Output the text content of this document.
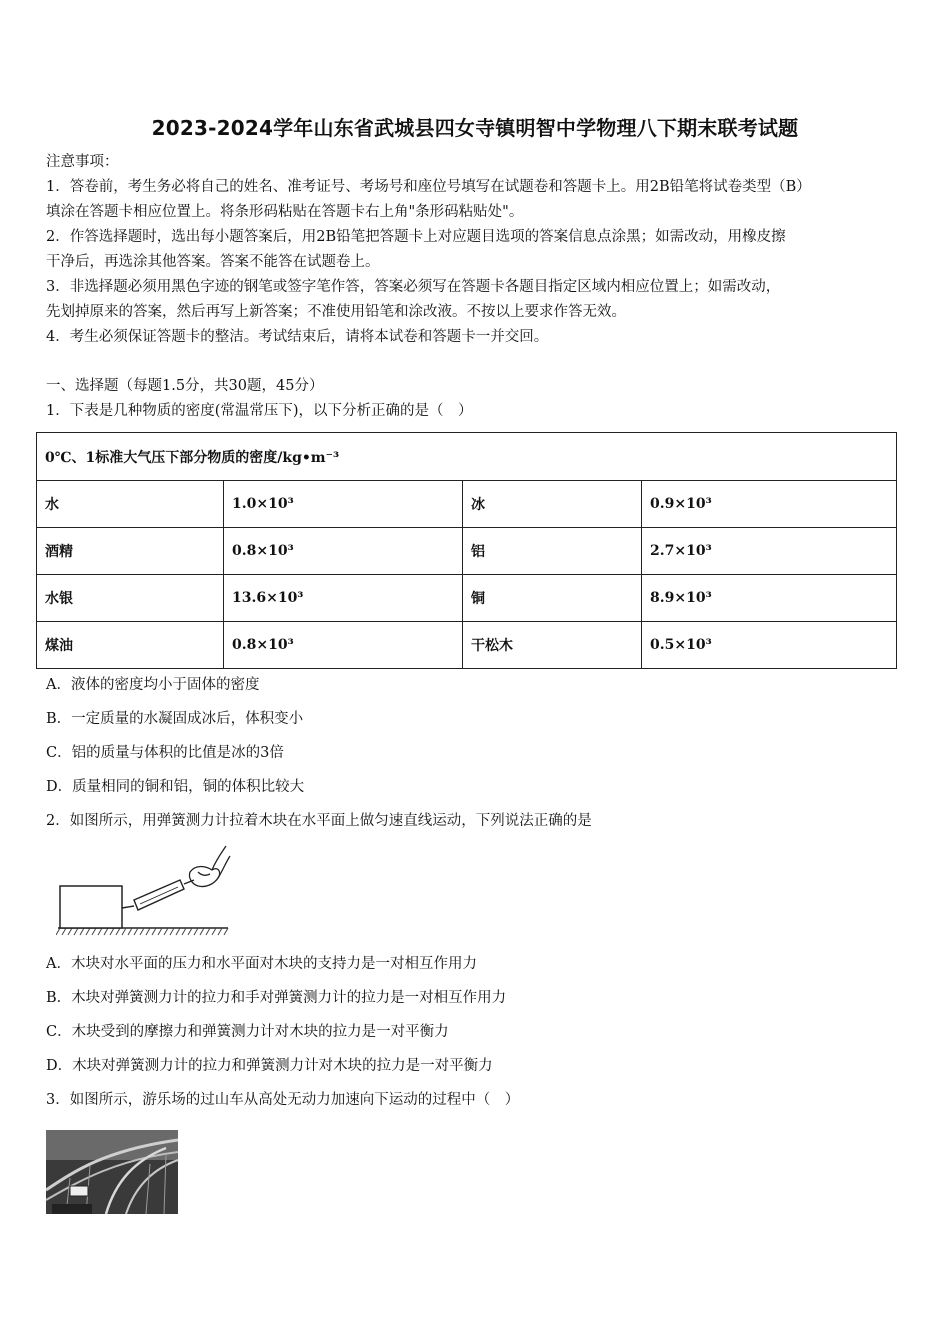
2023-2024学年山东省武城县四女寺镇明智中学物理八下期末联考试题
注意事项：
1．答卷前，考生务必将自己的姓名、准考证号、考场号和座位号填写在试题卷和答题卡上。用2B铅笔将试卷类型（B）
填涂在答题卡相应位置上。将条形码粘贴在答题卡右上角"条形码粘贴处"。
2．作答选择题时，选出每小题答案后，用2B铅笔把答题卡上对应题目选项的答案信息点涂黑；如需改动，用橡皮擦
干净后，再选涂其他答案。答案不能答在试题卷上。
3．非选择题必须用黑色字迹的钢笔或签字笔作答，答案必须写在答题卡各题目指定区域内相应位置上；如需改动，
先划掉原来的答案，然后再写上新答案；不准使用铅笔和涂改液。不按以上要求作答无效。
4．考生必须保证答题卡的整洁。考试结束后，请将本试卷和答题卡一并交回。
一、选择题（每题1.5分，共30题，45分）
1．下表是几种物质的密度(常温常压下)，以下分析正确的是（　）
0℃、1标准大气压下部分物质的密度/kg•m⁻³			
水	1.0×10³	冰	0.9×10³
酒精	0.8×10³	铝	2.7×10³
水银	13.6×10³	铜	8.9×10³
煤油	0.8×10³	干松木	0.5×10³
A．液体的密度均小于固体的密度
B．一定质量的水凝固成冰后，体积变小
C．铝的质量与体积的比值是冰的3倍
D．质量相同的铜和铝，铜的体积比较大
2．如图所示，用弹簧测力计拉着木块在水平面上做匀速直线运动，下列说法正确的是
A．木块对水平面的压力和水平面对木块的支持力是一对相互作用力
B．木块对弹簧测力计的拉力和手对弹簧测力计的拉力是一对相互作用力
C．木块受到的摩擦力和弹簧测力计对木块的拉力是一对平衡力
D．木块对弹簧测力计的拉力和弹簧测力计对木块的拉力是一对平衡力
3．如图所示，游乐场的过山车从高处无动力加速向下运动的过程中（　）
